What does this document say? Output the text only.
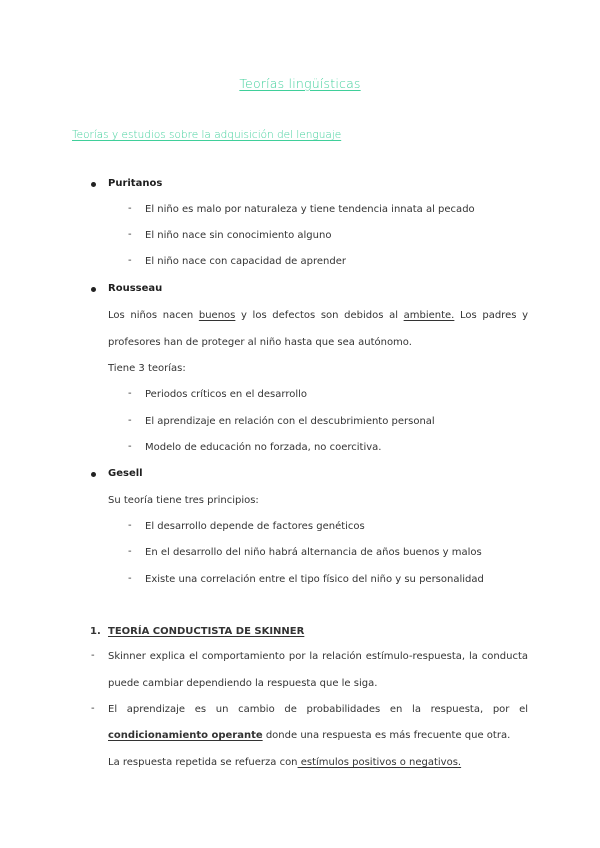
Teorías lingüísticas
Teorías y estudios sobre la adquisición del lenguaje
Puritanos
- El niño es malo por naturaleza y tiene tendencia innata al pecado
- El niño nace sin conocimiento alguno
- El niño nace con capacidad de aprender
Rousseau
Los niños nacen buenos y los defectos son debidos al ambiente. Los padres y
profesores han de proteger al niño hasta que sea autónomo.
Tiene 3 teorías:
- Periodos críticos en el desarrollo
- El aprendizaje en relación con el descubrimiento personal
- Modelo de educación no forzada, no coercitiva.
Gesell
Su teoría tiene tres principios:
- El desarrollo depende de factores genéticos
- En el desarrollo del niño habrá alternancia de años buenos y malos
- Existe una correlación entre el tipo físico del niño y su personalidad
1. TEORÍA CONDUCTISTA DE SKINNER
- Skinner explica el comportamiento por la relación estímulo-respuesta, la conducta
puede cambiar dependiendo la respuesta que le siga.
- El aprendizaje es un cambio de probabilidades en la respuesta, por el
condicionamiento operante donde una respuesta es más frecuente que otra.
La respuesta repetida se refuerza con estímulos positivos o negativos.
